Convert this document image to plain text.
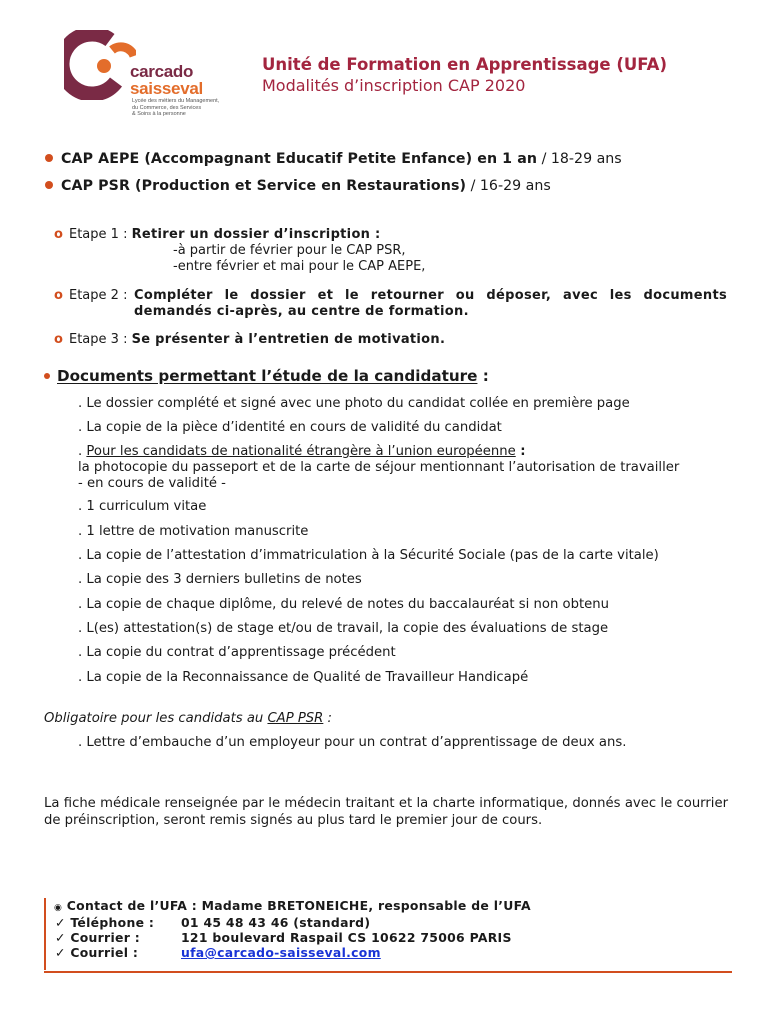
carcado
saisseval
Lycée des métiers du Management,
du Commerce, des Services
& Soins à la personne
Unité de Formation en Apprentissage (UFA)
Modalités d’inscription CAP 2020
CAP AEPE (Accompagnant Educatif Petite Enfance) en 1 an / 18-29 ans
CAP PSR (Production et Service en Restaurations) / 16-29 ans
o Etape 1 : Retirer un dossier d’inscription :
-à partir de février pour le CAP PSR,
-entre février et mai pour le CAP AEPE,
o Etape 2 : Compléter le dossier et le retourner ou déposer, avec les documents
demandés ci-après, au centre de formation.
o Etape 3 : Se présenter à l’entretien de motivation.
Documents permettant l’étude de la candidature :
. Le dossier complété et signé avec une photo du candidat collée en première page
. La copie de la pièce d’identité en cours de validité du candidat
. Pour les candidats de nationalité étrangère à l’union européenne :
la photocopie du passeport et de la carte de séjour mentionnant l’autorisation de travailler
- en cours de validité -
. 1 curriculum vitae
. 1 lettre de motivation manuscrite
. La copie de l’attestation d’immatriculation à la Sécurité Sociale (pas de la carte vitale)
. La copie des 3 derniers bulletins de notes
. La copie de chaque diplôme, du relevé de notes du baccalauréat si non obtenu
. L(es) attestation(s) de stage et/ou de travail, la copie des évaluations de stage
. La copie du contrat d’apprentissage précédent
. La copie de la Reconnaissance de Qualité de Travailleur Handicapé
Obligatoire pour les candidats au CAP PSR :
. Lettre d’embauche d’un employeur pour un contrat d’apprentissage de deux ans.
La fiche médicale renseignée par le médecin traitant et la charte informatique, donnés avec le courrier de préinscription, seront remis signés au plus tard le premier jour de cours.
◉ Contact de l’UFA : Madame BRETONEICHE, responsable de l’UFA
✓ Téléphone : 01 45 48 43 46 (standard)
✓ Courrier :	121 boulevard Raspail CS 10622 75006 PARIS
✓ Courriel :	ufa@carcado-saisseval.com
